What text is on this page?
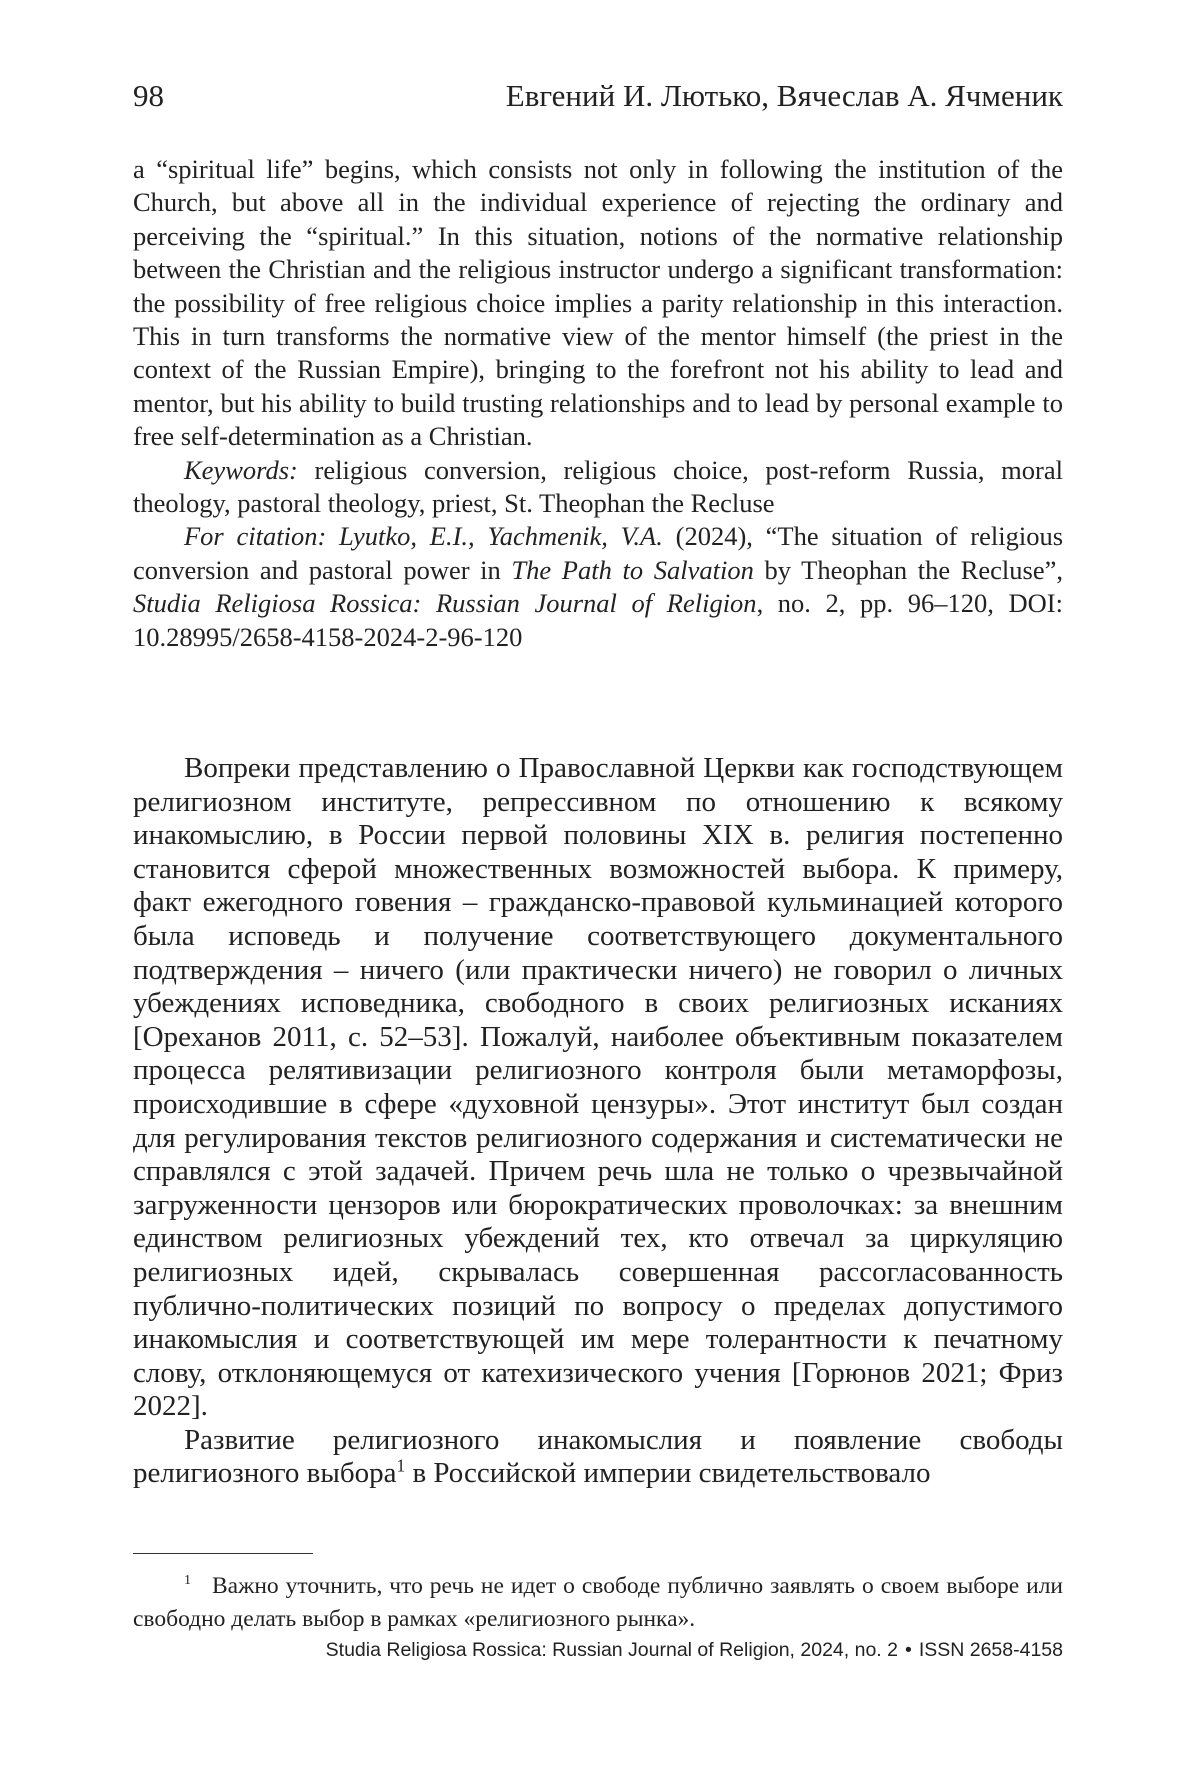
98	Евгений И. Лютько, Вячеслав А. Ячменик

a “spiritual life” begins, which consists not only in following the institution of the Church, but above all in the individual experience of rejecting the ordinary and perceiving the “spiritual.” In this situation, notions of the normative relationship between the Christian and the religious instructor undergo a significant transformation: the possibility of free religious choice implies a parity relationship in this interaction. This in turn transforms the normative view of the mentor himself (the priest in the context of the Russian Empire), bringing to the forefront not his ability to lead and mentor, but his ability to build trusting relationships and to lead by personal example to free self-determination as a Christian.

Keywords: religious conversion, religious choice, post-reform Russia, moral theology, pastoral theology, priest, St. Theophan the Recluse

For citation: Lyutko, E.I., Yachmenik, V.A. (2024), “The situation of religious conversion and pastoral power in The Path to Salvation by Theophan the Recluse”, Studia Religiosa Rossica: Russian Journal of Religion, no. 2, pp. 96–120, DOI: 10.28995/2658-4158-2024-2-96-120

Вопреки представлению о Православной Церкви как господствующем религиозном институте, репрессивном по отношению к всякому инакомыслию, в России первой половины XIX в. религия постепенно становится сферой множественных возможностей выбора. К примеру, факт ежегодного говения – гражданско-правовой кульминацией которого была исповедь и получение соответствующего документального подтверждения – ничего (или практически ничего) не говорил о личных убеждениях исповедника, свободного в своих религиозных исканиях [Ореханов 2011, с. 52–53]. Пожалуй, наиболее объективным показателем процесса релятивизации религиозного контроля были метаморфозы, происходившие в сфере «духовной цензуры». Этот институт был создан для регулирования текстов религиозного содержания и систематически не справлялся с этой задачей. Причем речь шла не только о чрезвычайной загруженности цензоров или бюрократических проволочках: за внешним единством религиозных убеждений тех, кто отвечал за циркуляцию религиозных идей, скрывалась совершенная рассогласованность публично-политических позиций по вопросу о пределах допустимого инакомыслия и соответствующей им мере толерантности к печатному слову, отклоняющемуся от катехизического учения [Горюнов 2021; Фриз 2022].

Развитие религиозного инакомыслия и появление свободы религиозного выбора$^1$ в Российской империи свидетельствовало

$^1$ Важно уточнить, что речь не идет о свободе публично заявлять о своем выборе или свободно делать выбор в рамках «религиозного рынка».

Studia Religiosa Rossica: Russian Journal of Religion, 2024, no. 2 • ISSN 2658-4158
